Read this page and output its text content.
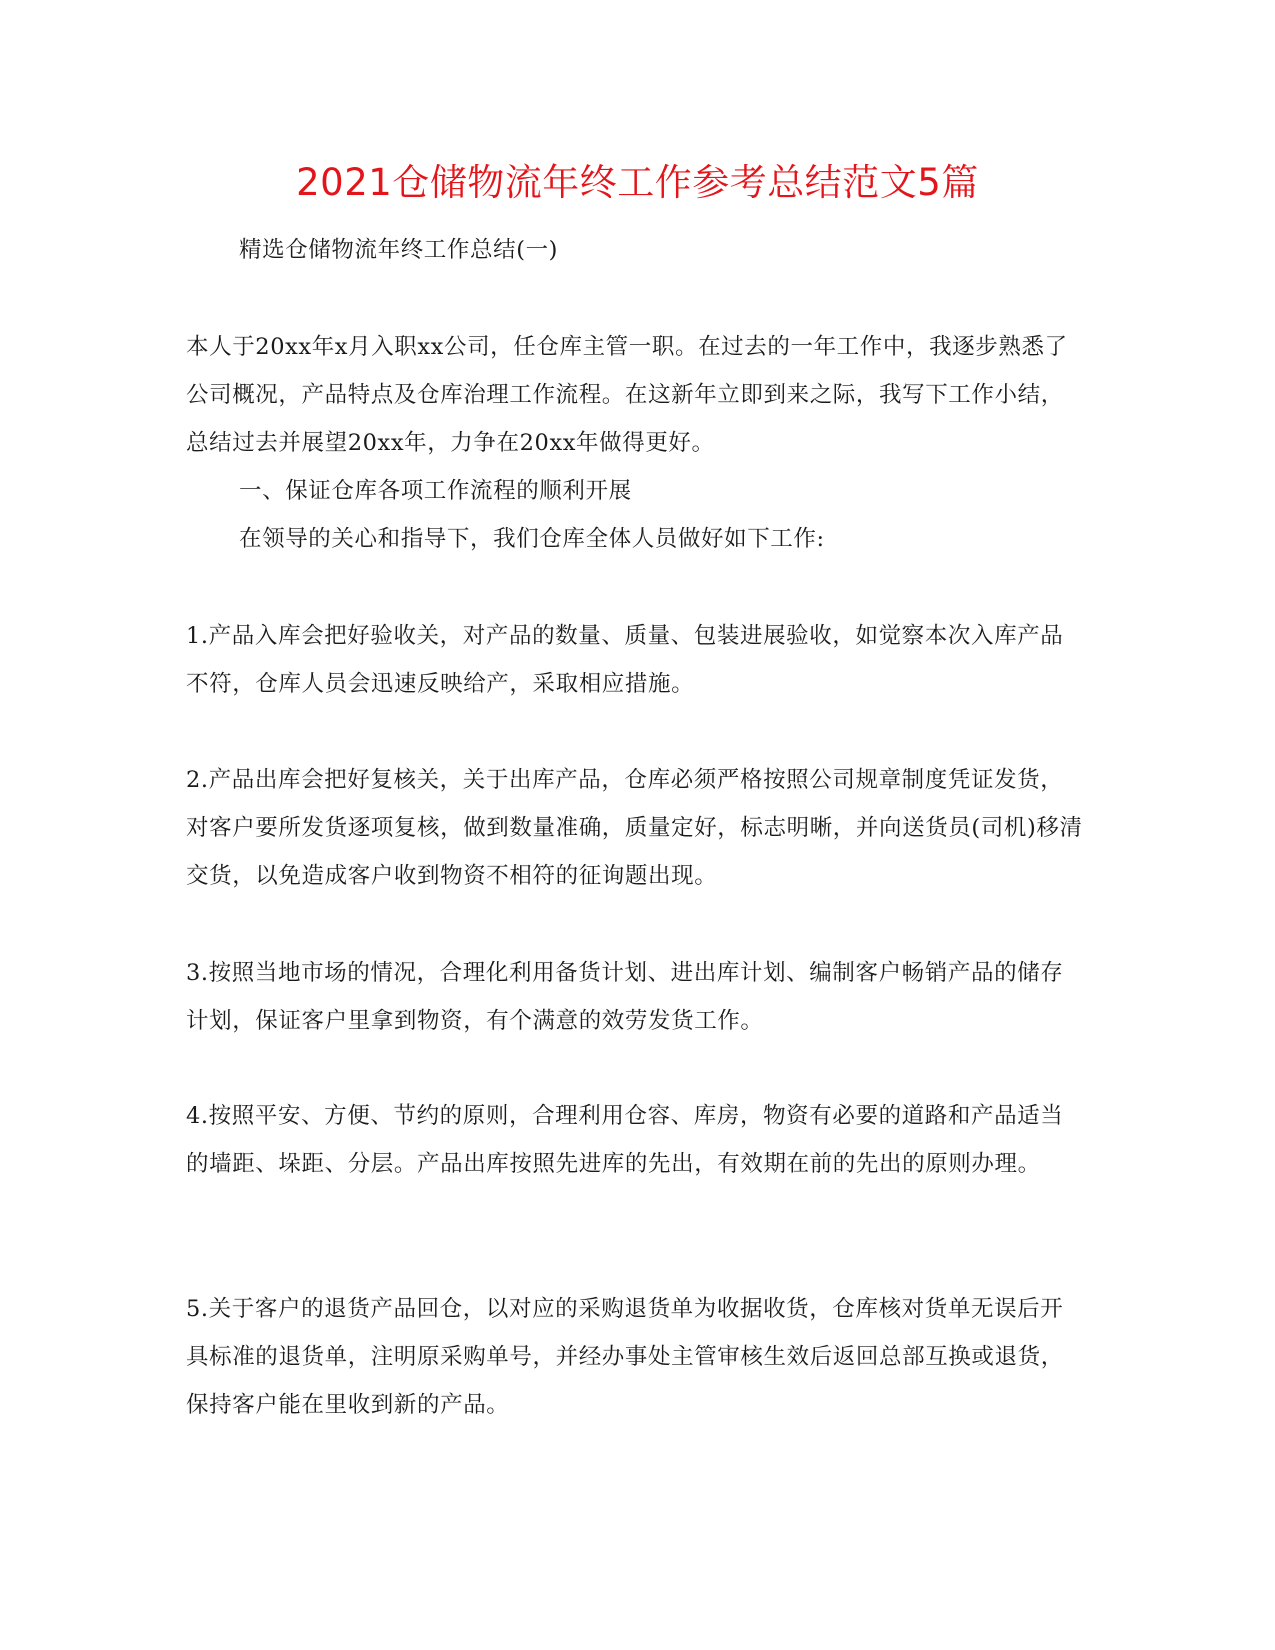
2021仓储物流年终工作参考总结范文5篇

精选仓储物流年终工作总结(一)

本人于20xx年x月入职xx公司，任仓库主管一职。在过去的一年工作中，我逐步熟悉了公司概况，产品特点及仓库治理工作流程。在这新年立即到来之际，我写下工作小结，总结过去并展望20xx年，力争在20xx年做得更好。

一、保证仓库各项工作流程的顺利开展

在领导的关心和指导下，我们仓库全体人员做好如下工作:

1.产品入库会把好验收关，对产品的数量、质量、包装进展验收，如觉察本次入库产品不符，仓库人员会迅速反映给产，采取相应措施。

2.产品出库会把好复核关，关于出库产品，仓库必须严格按照公司规章制度凭证发货，对客户要所发货逐项复核，做到数量准确，质量定好，标志明晰，并向送货员(司机)移清交货，以免造成客户收到物资不相符的征询题出现。

3.按照当地市场的情况，合理化利用备货计划、进出库计划、编制客户畅销产品的储存计划，保证客户里拿到物资，有个满意的效劳发货工作。

4.按照平安、方便、节约的原则，合理利用仓容、库房，物资有必要的道路和产品适当的墙距、垛距、分层。产品出库按照先进库的先出，有效期在前的先出的原则办理。

5.关于客户的退货产品回仓，以对应的采购退货单为收据收货，仓库核对货单无误后开具标准的退货单，注明原采购单号，并经办事处主管审核生效后返回总部互换或退货，保持客户能在里收到新的产品。
